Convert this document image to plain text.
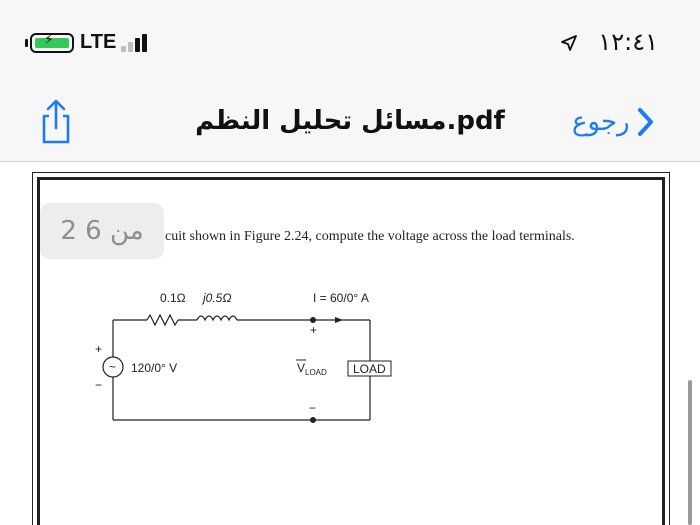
⚡ LTE	١٢:٤١
مسائل تحليل النظم.pdf	رجوع
cuit shown in Figure 2.24, compute the voltage across the load terminals.
~
+
−
0.1Ω j0.5Ω	I = 60/0° A
120/0° V
+
−
V LOAD LOAD
2 من 6
